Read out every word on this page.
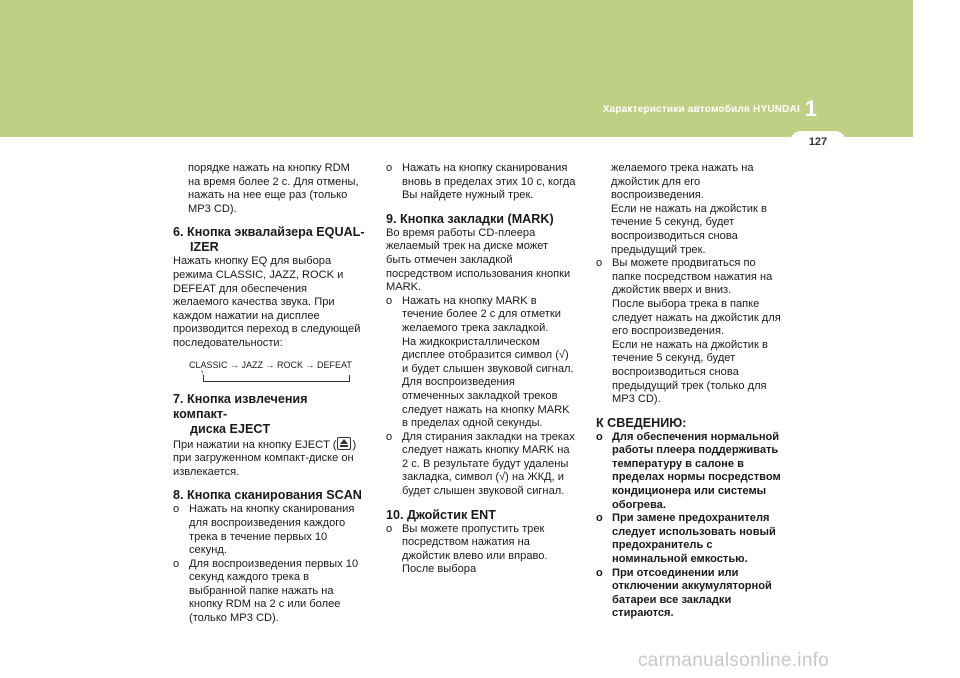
Характеристики автомобиля HYUNDAI 1
127

порядке нажать на кнопку RDM на время более 2 с. Для отмены, нажать на нее еще раз (только MP3 CD).

6. Кнопка эквалайзера EQUAL-
IZER

Нажать кнопку EQ для выбора режима CLASSIC, JAZZ, ROCK и DEFEAT для обеспечения желаемого качества звука. При каждом нажатии на дисплее производится переход в следующей последовательности:

CLASSIC → JAZZ → ROCK → DEFEAT
↑
7. Кнопка извлечения компакт-
диска EJECT

При нажатии на кнопку EJECT ( ) при загруженном компакт-диске он извлекается.

8. Кнопка сканирования SCAN

o Нажать на кнопку сканирования для воспроизведения каждого трека в течение первых 10 секунд.

o Для воспроизведения первых 10 секунд каждого трека в выбранной папке нажать на кнопку RDM на 2 с или более (только MP3 CD).

o Нажать на кнопку сканирования вновь в пределах этих 10 с, когда Вы найдете нужный трек.

9. Кнопка закладки (MARK)

Во время работы CD-плеера желаемый трек на диске может быть отмечен закладкой посредством использования кнопки MARK.

o Нажать на кнопку MARK в течение более 2 с для отметки желаемого трека закладкой.

На жидкокристаллическом дисплее отобразится символ (√) и будет слышен звуковой сигнал.

Для воспроизведения отмеченных закладкой треков следует нажать на кнопку MARK в пределах одной секунды.

o Для стирания закладки на треках следует нажать кнопку MARK на 2 с. В результате будут удалены закладка, символ (√) на ЖКД, и будет слышен звуковой сигнал.

10. Джойстик ENT

o Вы можете пропустить трек посредством нажатия на джойстик влево или вправо. После выбора

желаемого трека нажать на джойстик для его воспроизведения.

Если не нажать на джойстик в течение 5 секунд, будет воспроизводиться снова предыдущий трек.

o Вы можете продвигаться по папке посредством нажатия на джойстик вверх и вниз.

После выбора трека в папке следует нажать на джойстик для его воспроизведения.

Если не нажать на джойстик в течение 5 секунд, будет воспроизводиться снова предыдущий трек (только для MP3 CD).

К СВЕДЕНИЮ:

o Для обеспечения нормальной работы плеера поддерживать температуру в салоне в пределах нормы посредством кондиционера или системы обогрева.

o При замене предохранителя следует использовать новый предохранитель с номинальной емкостью.

o При отсоединении или отключении аккумуляторной батареи все закладки стираются.

carmanualsonline.info
